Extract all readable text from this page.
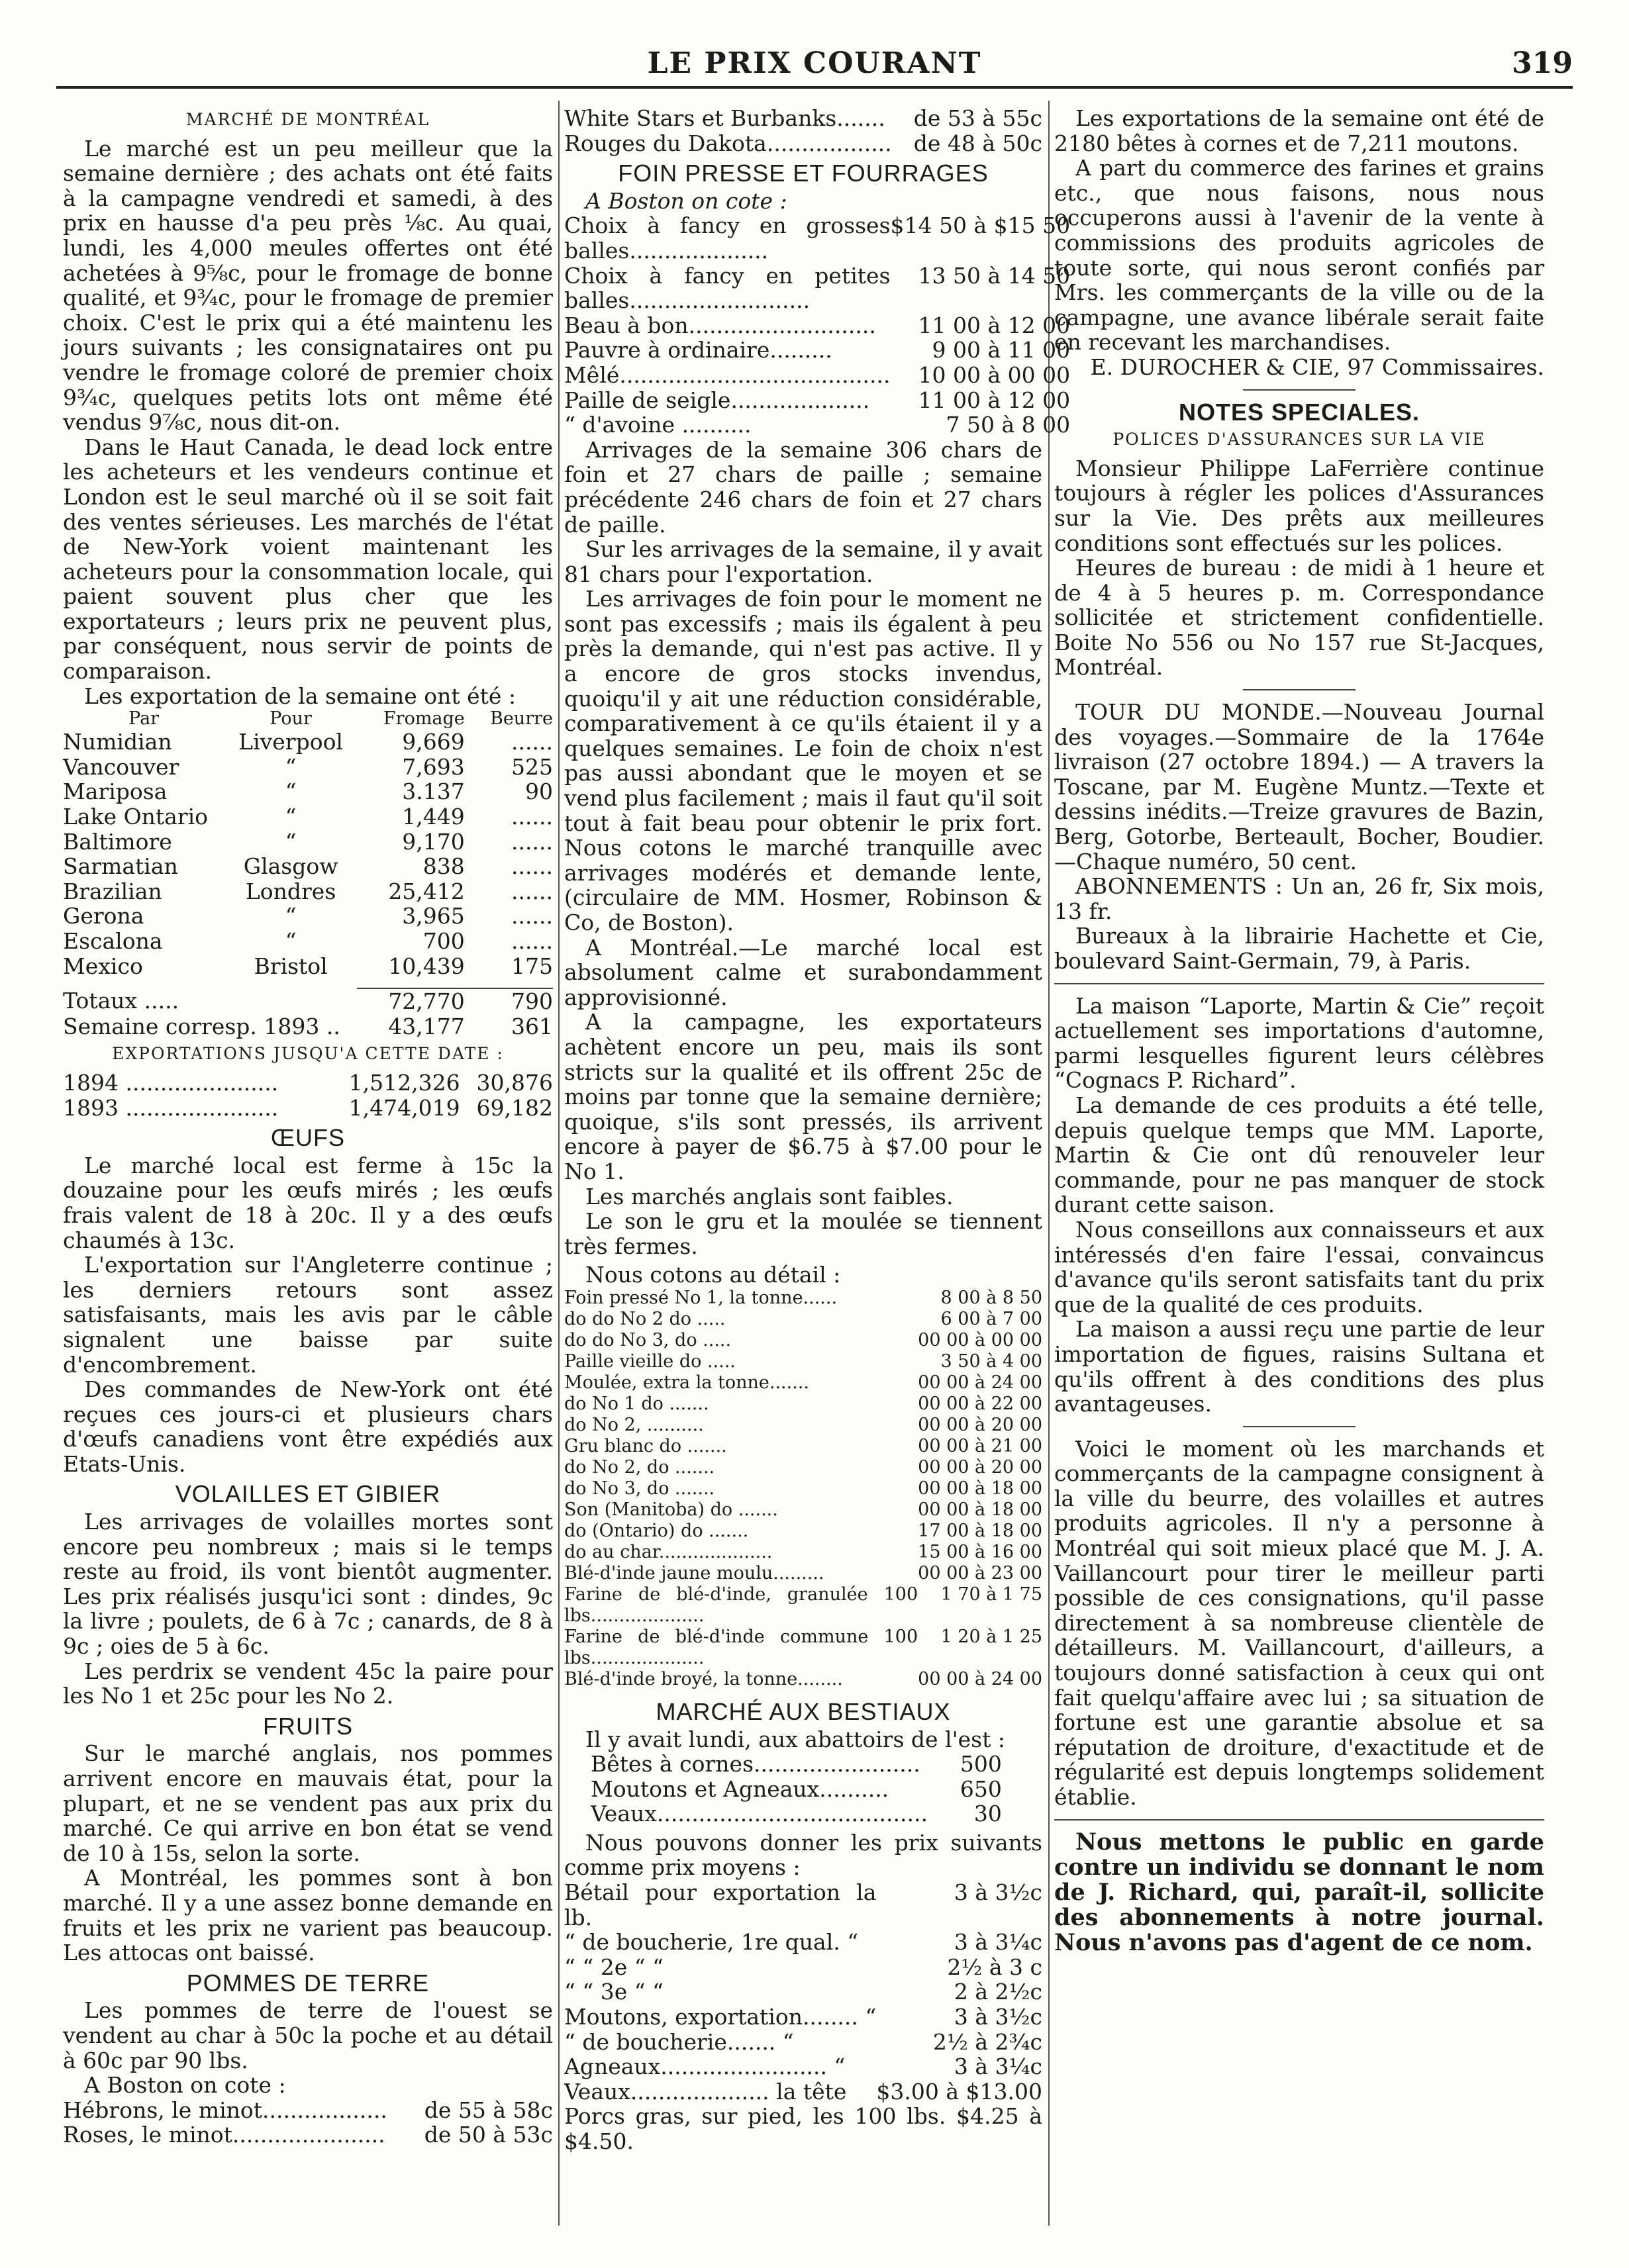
LE PRIX COURANT	319
MARCHÉ DE MONTRÉAL

Le marché est un peu meilleur que la semaine dernière ; des achats ont été faits à la campagne vendredi et samedi, à des prix en hausse d'a peu près ⅛c. Au quai, lundi, les 4,000 meules offertes ont été achetées à 9⅝c, pour le fromage de bonne qualité, et 9¾c, pour le fromage de premier choix. C'est le prix qui a été maintenu les jours suivants ; les consignataires ont pu vendre le fromage coloré de premier choix 9¾c, quelques petits lots ont même été vendus 9⅞c, nous dit-on.

Dans le Haut Canada, le dead lock entre les acheteurs et les vendeurs continue et London est le seul marché où il se soit fait des ventes sérieuses. Les marchés de l'état de New-York voient maintenant les acheteurs pour la consommation locale, qui paient souvent plus cher que les exportateurs ; leurs prix ne peuvent plus, par conséquent, nous servir de points de comparaison.

Les exportation de la semaine ont été :

Par	Pour	Fromage	Beurre
Numidian	Liverpool	9,669	......
Vancouver	“	7,693	525
Mariposa	“	3.137	90
Lake Ontario	“	1,449	......
Baltimore	“	9,170	......
Sarmatian	Glasgow	838	......
Brazilian	Londres	25,412	......
Gerona	“	3,965	......
Escalona	“	700	......
Mexico	Bristol	10,439	175

Totaux .....		72,770	790
Semaine corresp. 1893 ..		43,177	361
EXPORTATIONS JUSQU'A CETTE DATE :
1894 ......................	1,512,326	30,876
1893 ......................	1,474,019	69,182
ŒUFS

Le marché local est ferme à 15c la douzaine pour les œufs mirés ; les œufs frais valent de 18 à 20c. Il y a des œufs chaumés à 13c.

L'exportation sur l'Angleterre continue ; les derniers retours sont assez satisfaisants, mais les avis par le câble signalent une baisse par suite d'encombrement.

Des commandes de New-York ont été reçues ces jours-ci et plusieurs chars d'œufs canadiens vont être expédiés aux Etats-Unis.

VOLAILLES ET GIBIER

Les arrivages de volailles mortes sont encore peu nombreux ; mais si le temps reste au froid, ils vont bientôt augmenter. Les prix réalisés jusqu'ici sont : dindes, 9c la livre ; poulets, de 6 à 7c ; canards, de 8 à 9c ; oies de 5 à 6c.

Les perdrix se vendent 45c la paire pour les No 1 et 25c pour les No 2.

FRUITS

Sur le marché anglais, nos pommes arrivent encore en mauvais état, pour la plupart, et ne se vendent pas aux prix du marché. Ce qui arrive en bon état se vend de 10 à 15s, selon la sorte.

A Montréal, les pommes sont à bon marché. Il y a une assez bonne demande en fruits et les prix ne varient pas beaucoup. Les attocas ont baissé.

POMMES DE TERRE

Les pommes de terre de l'ouest se vendent au char à 50c la poche et au détail à 60c par 90 lbs.

A Boston on cote :

Hébrons, le minot..................	de 55 à 58c
Roses, le minot......................	de 50 à 53c
White Stars et Burbanks.......	de 53 à 55c
Rouges du Dakota..................	de 48 à 50c
FOIN PRESSE ET FOURRAGES

A Boston on cote :

Choix à fancy en grosses balles....................	$14 50 à $15 50
Choix à fancy en petites balles..........................	13 50 à 14 50
Beau à bon...........................	11 00 à 12 00
Pauvre à ordinaire.........	9 00 à 11 00
Mêlé.......................................	10 00 à 00 00
Paille de seigle....................	11 00 à 12 00
“ d'avoine ..........	7 50 à 8 00

Arrivages de la semaine 306 chars de foin et 27 chars de paille ; semaine précédente 246 chars de foin et 27 chars de paille.

Sur les arrivages de la semaine, il y avait 81 chars pour l'exportation.

Les arrivages de foin pour le moment ne sont pas excessifs ; mais ils égalent à peu près la demande, qui n'est pas active. Il y a encore de gros stocks invendus, quoiqu'il y ait une réduction considérable, comparativement à ce qu'ils étaient il y a quelques semaines. Le foin de choix n'est pas aussi abondant que le moyen et se vend plus facilement ; mais il faut qu'il soit tout à fait beau pour obtenir le prix fort. Nous cotons le marché tranquille avec arrivages modérés et demande lente, (circulaire de MM. Hosmer, Robinson & Co, de Boston).

A Montréal.—Le marché local est absolument calme et surabondamment approvisionné.

A la campagne, les exportateurs achètent encore un peu, mais ils sont stricts sur la qualité et ils offrent 25c de moins par tonne que la semaine dernière; quoique, s'ils sont pressés, ils arrivent encore à payer de $6.75 à $7.00 pour le No 1.

Les marchés anglais sont faibles.

Le son le gru et la moulée se tiennent très fermes.

Nous cotons au détail :

Foin pressé No 1, la tonne......	8 00 à 8 50
do do No 2 do .....	6 00 à 7 00
do do No 3, do .....	00 00 à 00 00
Paille vieille do .....	3 50 à 4 00
Moulée, extra la tonne.......	00 00 à 24 00
do No 1 do .......	00 00 à 22 00
do No 2, ..........	00 00 à 20 00
Gru blanc do .......	00 00 à 21 00
do No 2, do .......	00 00 à 20 00
do No 3, do .......	00 00 à 18 00
Son (Manitoba) do .......	00 00 à 18 00
do (Ontario) do .......	17 00 à 18 00
do au char....................	15 00 à 16 00
Blé-d'inde jaune moulu.........	00 00 à 23 00
Farine de blé-d'inde, granulée 100 lbs....................	1 70 à 1 75
Farine de blé-d'inde commune 100 lbs....................	1 20 à 1 25
Blé-d'inde broyé, la tonne........	00 00 à 24 00
MARCHÉ AUX BESTIAUX

Il y avait lundi, aux abattoirs de l'est :

Bêtes à cornes........................	500
Moutons et Agneaux..........	650
Veaux.......................................	30

Nous pouvons donner les prix suivants comme prix moyens :

Bétail pour exportation la lb.	3 à 3½c
“ de boucherie, 1re qual. “	3 à 3¼c
“ “ 2e “ “	2½ à 3 c
“ “ 3e “ “	2 à 2½c
Moutons, exportation........ “	3 à 3½c
“ de boucherie....... “	2½ à 2¾c
Agneaux........................ “	3 à 3¼c
Veaux.................... la tête	$3.00 à $13.00

Porcs gras, sur pied, les 100 lbs. $4.25 à $4.50.

Les exportations de la semaine ont été de 2180 bêtes à cornes et de 7,211 moutons.

A part du commerce des farines et grains etc., que nous faisons, nous nous occuperons aussi à l'avenir de la vente à commissions des produits agricoles de toute sorte, qui nous seront confiés par Mrs. les commerçants de la ville ou de la campagne, une avance libérale serait faite en recevant les marchandises.

E. DUROCHER & CIE, 97 Commissaires.

NOTES SPECIALES.
POLICES D'ASSURANCES SUR LA VIE

Monsieur Philippe LaFerrière continue toujours à régler les polices d'Assurances sur la Vie. Des prêts aux meilleures conditions sont effectués sur les polices.

Heures de bureau : de midi à 1 heure et de 4 à 5 heures p. m. Correspondance sollicitée et strictement confidentielle. Boite No 556 ou No 157 rue St-Jacques, Montréal.

TOUR DU MONDE.—Nouveau Journal des voyages.—Sommaire de la 1764e livraison (27 octobre 1894.) — A travers la Toscane, par M. Eugène Muntz.—Texte et dessins inédits.—Treize gravures de Bazin, Berg, Gotorbe, Berteault, Bocher, Boudier.—Chaque numéro, 50 cent.

ABONNEMENTS : Un an, 26 fr, Six mois, 13 fr.

Bureaux à la librairie Hachette et Cie, boulevard Saint-Germain, 79, à Paris.

La maison “Laporte, Martin & Cie” reçoit actuellement ses importations d'automne, parmi lesquelles figurent leurs célèbres “Cognacs P. Richard”.

La demande de ces produits a été telle, depuis quelque temps que MM. Laporte, Martin & Cie ont dû renouveler leur commande, pour ne pas manquer de stock durant cette saison.

Nous conseillons aux connaisseurs et aux intéressés d'en faire l'essai, convaincus d'avance qu'ils seront satisfaits tant du prix que de la qualité de ces produits.

La maison a aussi reçu une partie de leur importation de figues, raisins Sultana et qu'ils offrent à des conditions des plus avantageuses.

Voici le moment où les marchands et commerçants de la campagne consignent à la ville du beurre, des volailles et autres produits agricoles. Il n'y a personne à Montréal qui soit mieux placé que M. J. A. Vaillancourt pour tirer le meilleur parti possible de ces consignations, qu'il passe directement à sa nombreuse clientèle de détailleurs. M. Vaillancourt, d'ailleurs, a toujours donné satisfaction à ceux qui ont fait quelqu'affaire avec lui ; sa situation de fortune est une garantie absolue et sa réputation de droiture, d'exactitude et de régularité est depuis longtemps solidement établie.

Nous mettons le public en garde contre un individu se donnant le nom de J. Richard, qui, paraît-il, sollicite des abonnements à notre journal. Nous n'avons pas d'agent de ce nom.
